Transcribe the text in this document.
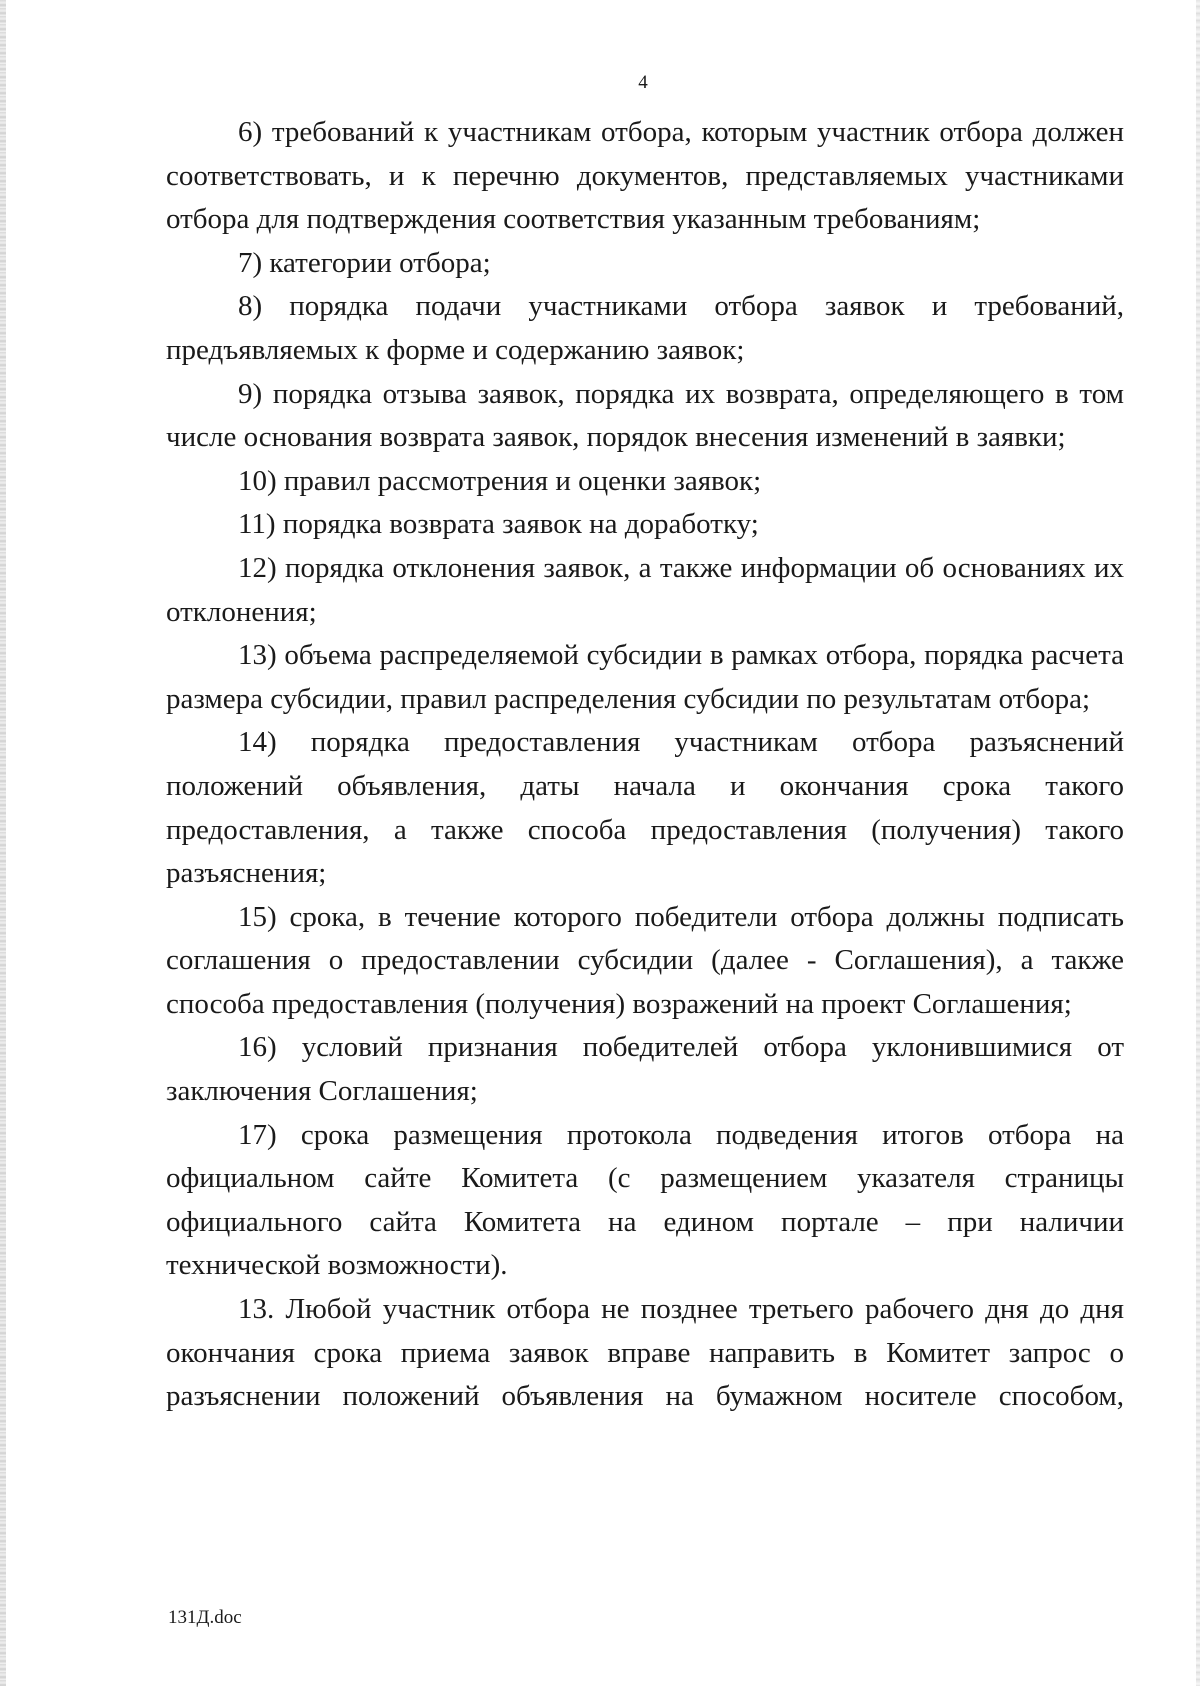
4

6) требований к участникам отбора, которым участник отбора должен соответствовать, и к перечню документов, представляемых участниками отбора для подтверждения соответствия указанным требованиям;

7) категории отбора;

8) порядка подачи участниками отбора заявок и требований, предъявляемых к форме и содержанию заявок;

9) порядка отзыва заявок, порядка их возврата, определяющего в том числе основания возврата заявок, порядок внесения изменений в заявки;

10) правил рассмотрения и оценки заявок;

11) порядка возврата заявок на доработку;

12) порядка отклонения заявок, а также информации об основаниях их отклонения;

13) объема распределяемой субсидии в рамках отбора, порядка расчета размера субсидии, правил распределения субсидии по результатам отбора;

14) порядка предоставления участникам отбора разъяснений положений объявления, даты начала и окончания срока такого предоставления, а также способа предоставления (получения) такого разъяснения;

15) срока, в течение которого победители отбора должны подписать соглашения о предоставлении субсидии (далее - Соглашения), а также способа предоставления (получения) возражений на проект Соглашения;

16) условий признания победителей отбора уклонившимися от заключения Соглашения;

17) срока размещения протокола подведения итогов отбора на официальном сайте Комитета (с размещением указателя страницы официального сайта Комитета на едином портале – при наличии технической возможности).

13. Любой участник отбора не позднее третьего рабочего дня до дня окончания срока приема заявок вправе направить в Комитет запрос о разъяснении положений объявления на бумажном носителе способом,

131Д.doc
